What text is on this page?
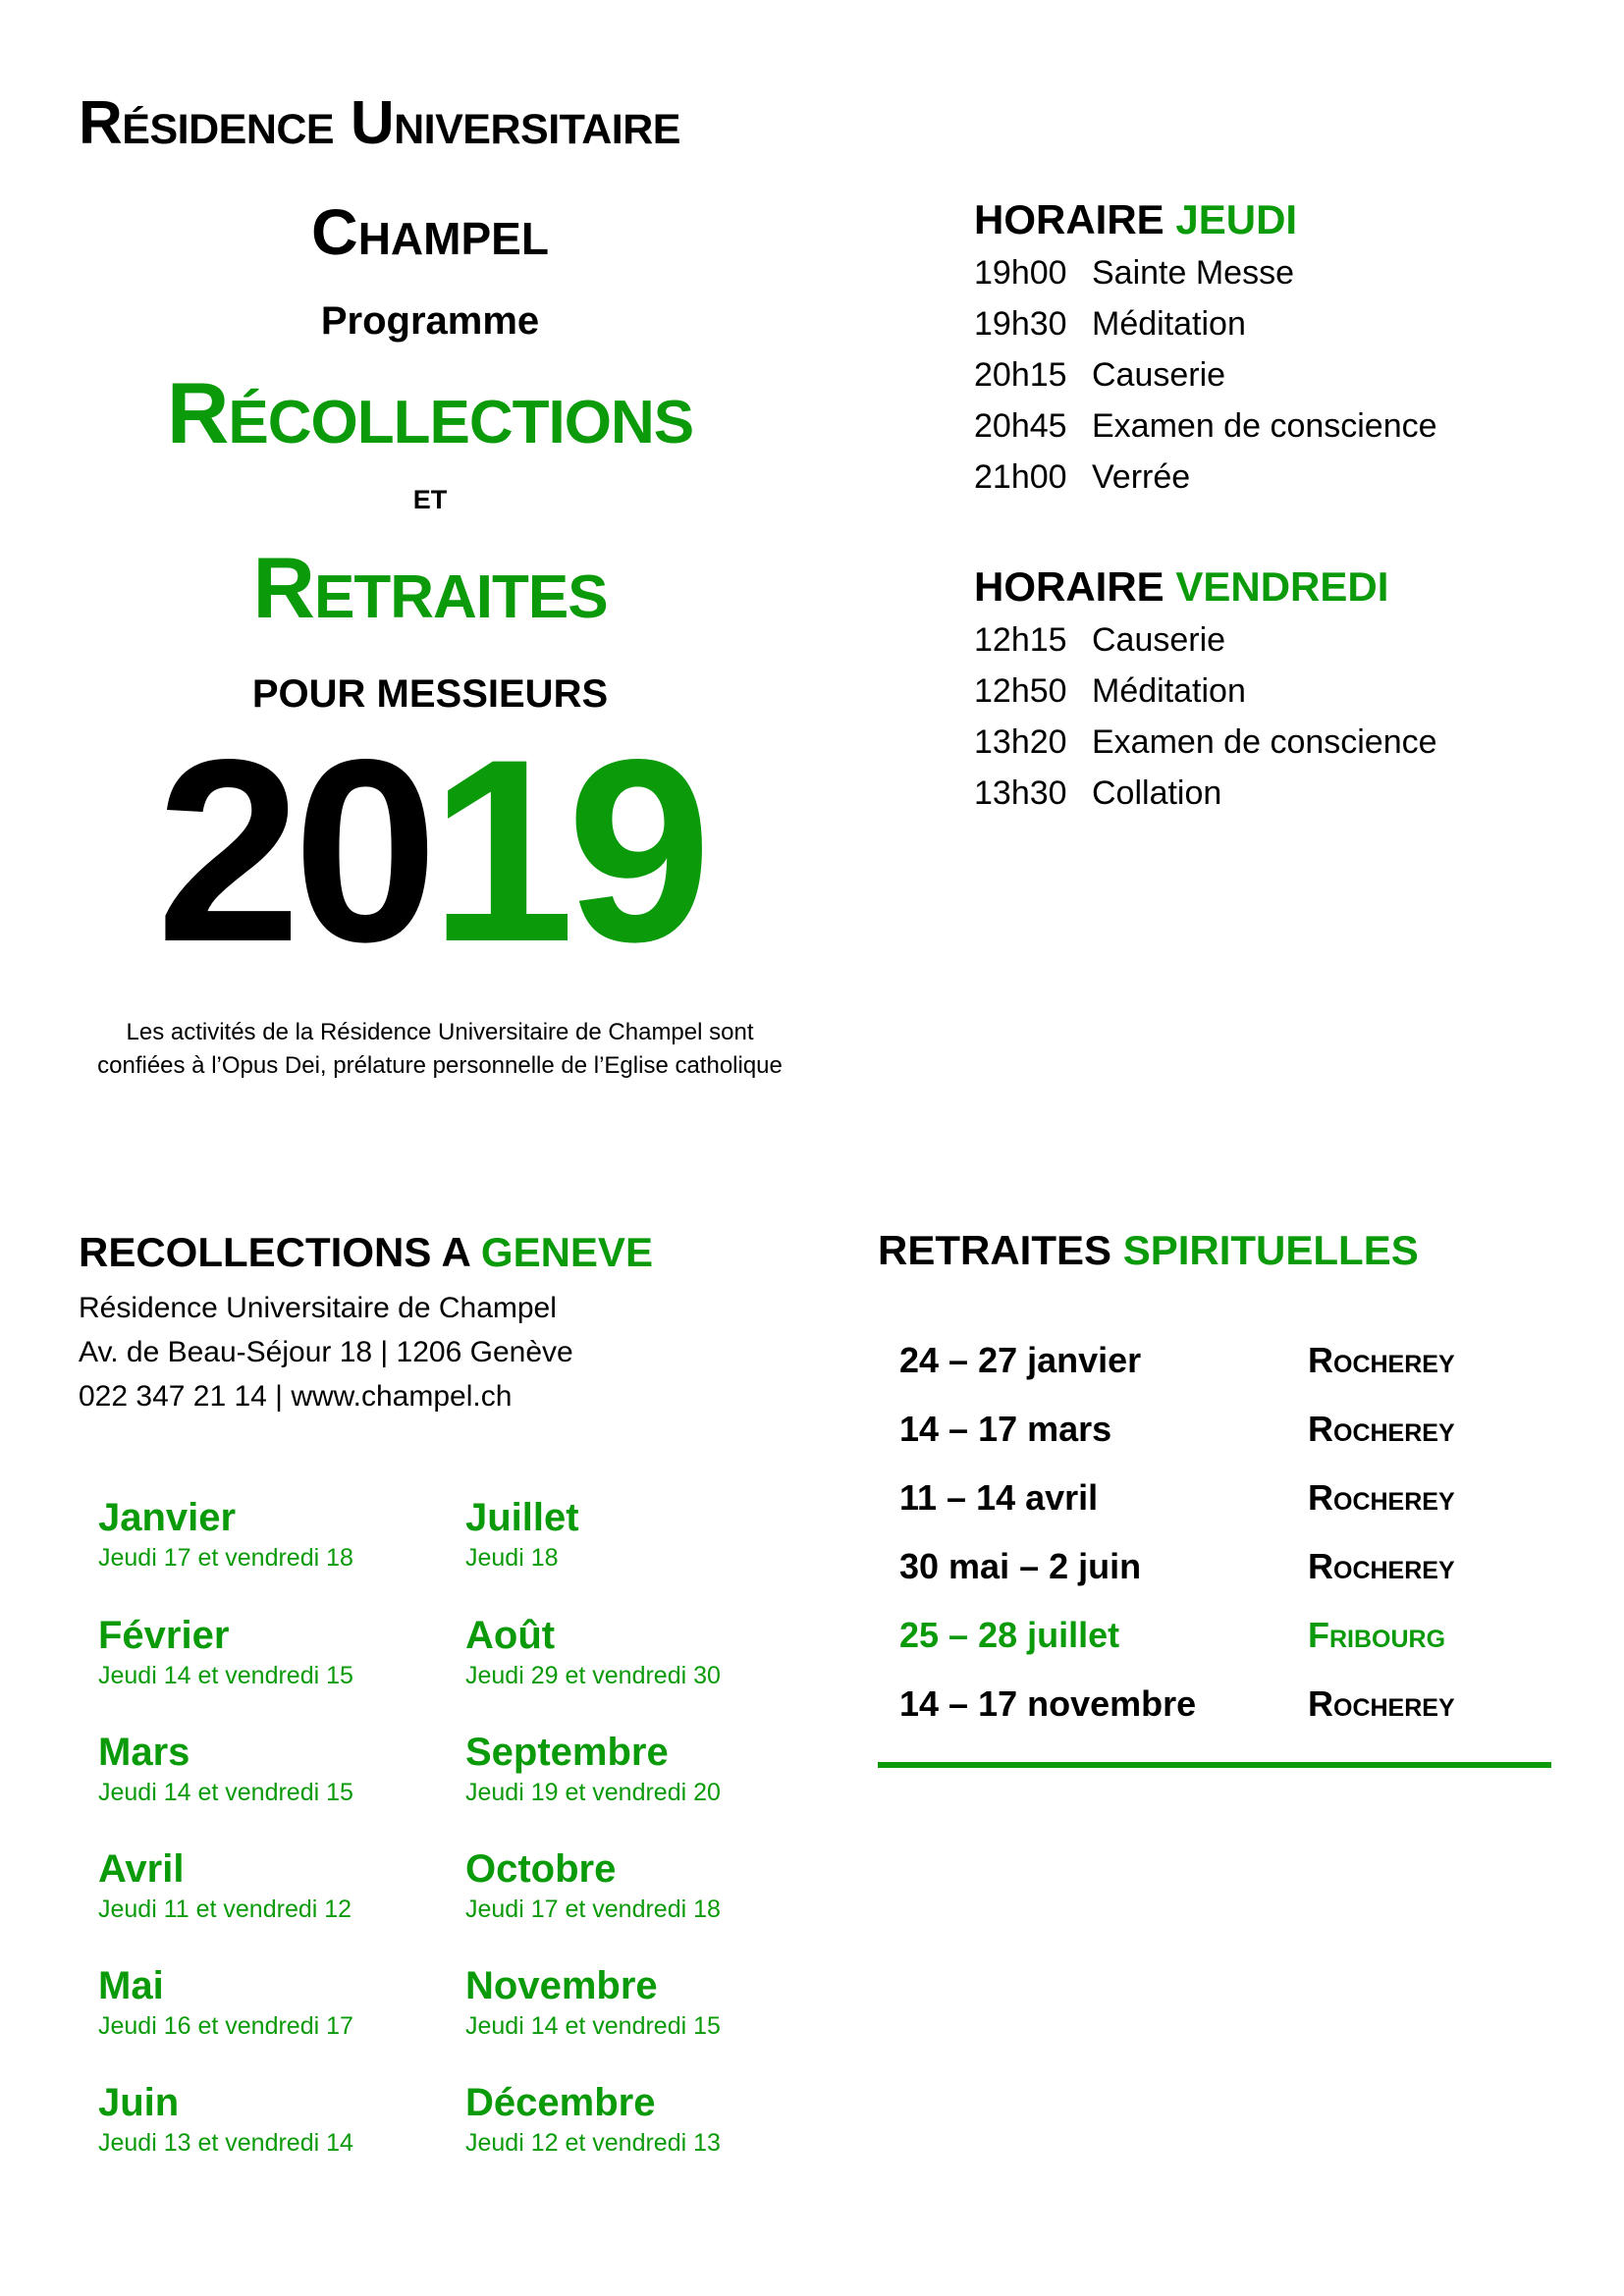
Résidence Universitaire
Champel
Programme
Récollections
et
Retraites
POUR MESSIEURS
2019
Les activités de la Résidence Universitaire de Champel sont
confiées à l’Opus Dei, prélature personnelle de l’Eglise catholique
HORAIRE JEUDI
19h00 Sainte Messe
19h30 Méditation
20h15 Causerie
20h45 Examen de conscience
21h00 Verrée
HORAIRE VENDREDI
12h15 Causerie
12h50 Méditation
13h20 Examen de conscience
13h30 Collation
RECOLLECTIONS A GENEVE
Résidence Universitaire de Champel
Av. de Beau-Séjour 18 | 1206 Genève
022 347 21 14 | www.champel.ch
Janvier
Jeudi 17 et vendredi 18
Février
Jeudi 14 et vendredi 15
Mars
Jeudi 14 et vendredi 15
Avril
Jeudi 11 et vendredi 12
Mai
Jeudi 16 et vendredi 17
Juin
Jeudi 13 et vendredi 14
Juillet
Jeudi 18
Août
Jeudi 29 et vendredi 30
Septembre
Jeudi 19 et vendredi 20
Octobre
Jeudi 17 et vendredi 18
Novembre
Jeudi 14 et vendredi 15
Décembre
Jeudi 12 et vendredi 13
RETRAITES SPIRITUELLES
24 – 27 janvier	Rocherey
14 – 17 mars	Rocherey
11 – 14 avril	Rocherey
30 mai – 2 juin	Rocherey
25 – 28 juillet	Fribourg
14 – 17 novembre	Rocherey
